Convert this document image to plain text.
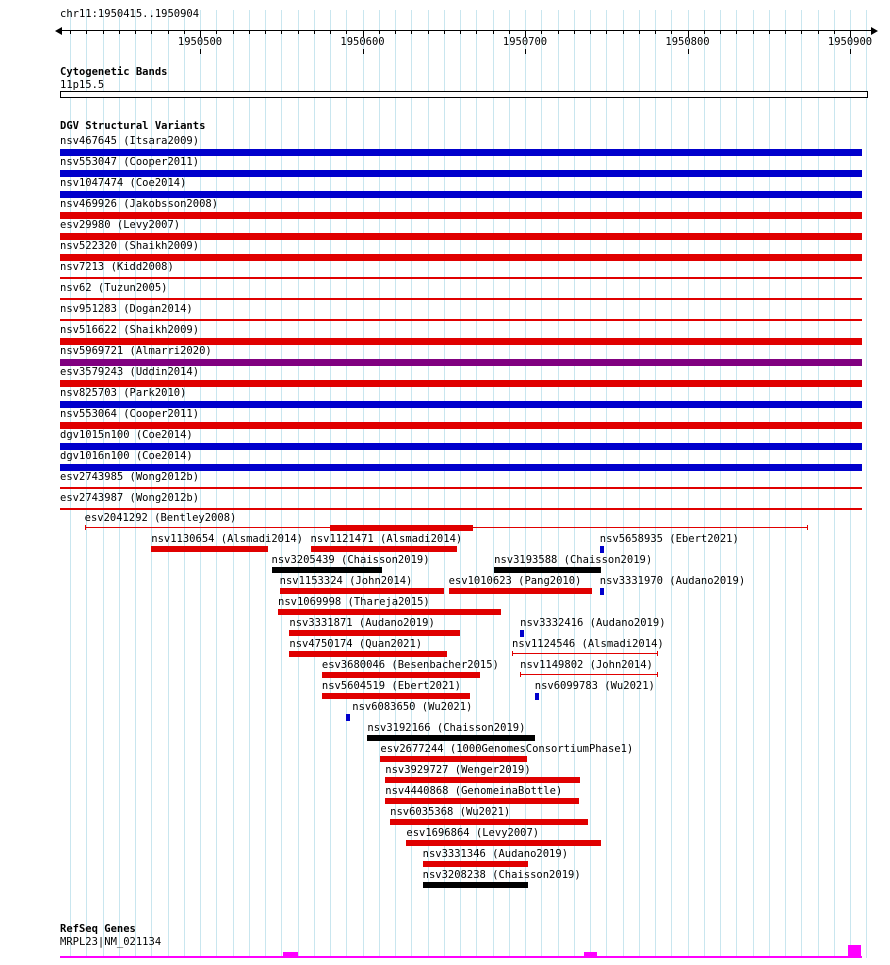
chr11:1950415..1950904
1950500	1950600	1950700	1950800	1950900
Cytogenetic Bands
11p15.5
DGV Structural Variants
nsv467645 (Itsara2009)
nsv553047 (Cooper2011)
nsv1047474 (Coe2014)
nsv469926 (Jakobsson2008)
esv29980 (Levy2007)
nsv522320 (Shaikh2009)
nsv7213 (Kidd2008)
nsv62 (Tuzun2005)
nsv951283 (Dogan2014)
nsv516622 (Shaikh2009)
nsv5969721 (Almarri2020)
esv3579243 (Uddin2014)
nsv825703 (Park2010)
nsv553064 (Cooper2011)
dgv1015n100 (Coe2014)
dgv1016n100 (Coe2014)
esv2743985 (Wong2012b)
esv2743987 (Wong2012b)
esv2041292 (Bentley2008)
nsv1130654 (Alsmadi2014) nsv1121471 (Alsmadi2014)	nsv5658935 (Ebert2021)
nsv3205439 (Chaisson2019)	nsv3193588 (Chaisson2019)
nsv1153324 (John2014)	esv1010623 (Pang2010) nsv3331970 (Audano2019)
nsv1069998 (Thareja2015)
nsv3331871 (Audano2019)	nsv3332416 (Audano2019)
nsv4750174 (Quan2021)	nsv1124546 (Alsmadi2014)
esv3680046 (Besenbacher2015) nsv1149802 (John2014)
nsv5604519 (Ebert2021)	nsv6099783 (Wu2021)
nsv6083650 (Wu2021)
nsv3192166 (Chaisson2019)
esv2677244 (1000GenomesConsortiumPhase1)
nsv3929727 (Wenger2019)
nsv4440868 (GenomeinaBottle)
nsv6035368 (Wu2021)
esv1696864 (Levy2007)
nsv3331346 (Audano2019)
nsv3208238 (Chaisson2019)
RefSeq Genes
MRPL23|NM_021134
